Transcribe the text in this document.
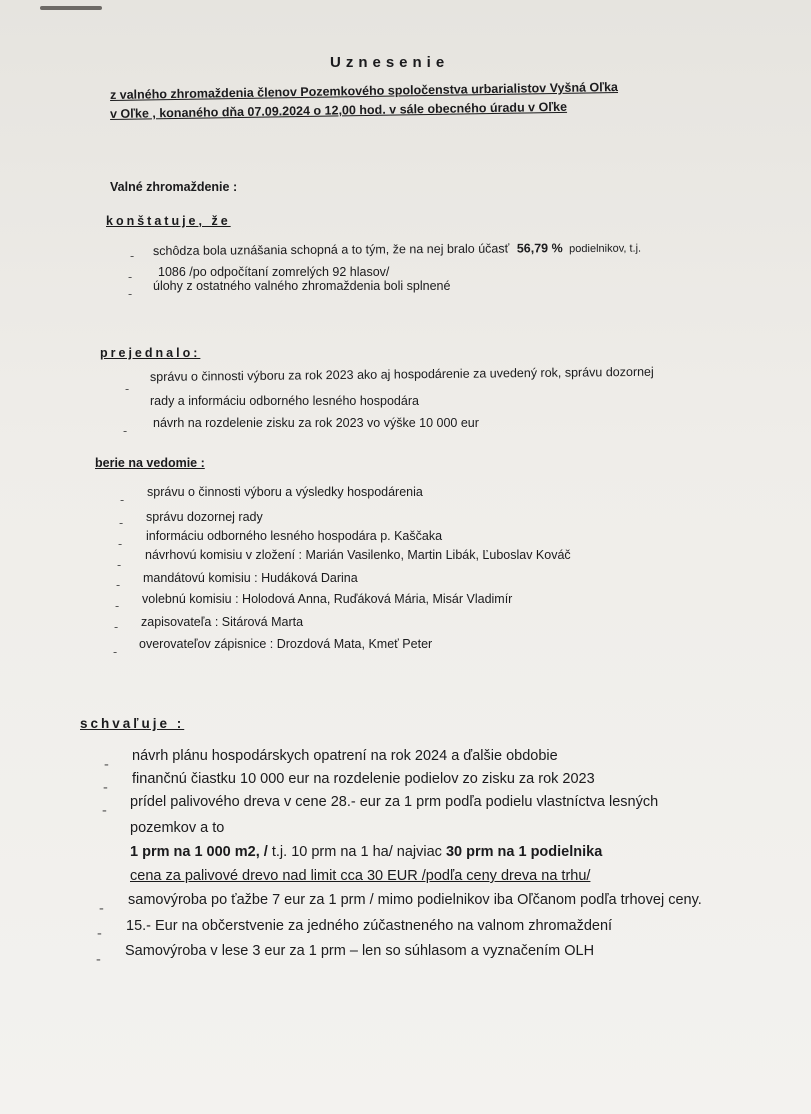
Uznesenie
z valného zhromaždenia členov Pozemkového spoločenstva urbarialistov Vyšná Oľka
v Oľke , konaného dňa 07.09.2024 o 12,00 hod. v sále obecného úradu v Oľke
Valné zhromaždenie :
konštatuje, že
- schôdza bola uznášania schopná a to tým, že na nej bralo účasť 56,79 % podielnikov, t.j.
- 1086 /po odpočítaní zomrelých 92 hlasov/
-
úlohy z ostatného valného zhromaždenia boli splnené
prejednalo:
-
správu o činnosti výboru za rok 2023 ako aj hospodárenie za uvedený rok, správu dozornej
rady a informáciu odborného lesného hospodára
-
návrh na rozdelenie zisku za rok 2023 vo výške 10 000 eur
berie na vedomie :
-
správu o činnosti výboru a výsledky hospodárenia
- správu dozornej rady
-
informáciu odborného lesného hospodára p. Kaščaka
-
návrhovú komisiu v zložení : Marián Vasilenko, Martin Libák, Ľuboslav Kováč
- mandátovú komisiu : Hudáková Darina
- volebnú komisiu : Holodová Anna, Ruďáková Mária, Misár Vladimír
- zapisovateľa : Sitárová Marta
-
overovateľov zápisnice : Drozdová Mata, Kmeť Peter
schvaľuje :
-
návrh plánu hospodárskych opatrení na rok 2024 a ďalšie obdobie
-
finančnú čiastku 10 000 eur na rozdelenie podielov zo zisku za rok 2023
-
prídel palivového dreva v cene 28.- eur za 1 prm podľa podielu vlastníctva lesných
pozemkov a to
1 prm na 1 000 m2, / t.j. 10 prm na 1 ha/ najviac 30 prm na 1 podielnika
cena za palivové drevo nad limit cca 30 EUR /podľa ceny dreva na trhu/
-
samovýroba po ťažbe 7 eur za 1 prm / mimo podielnikov iba Oľčanom podľa trhovej ceny.
- 15.- Eur na občerstvenie za jedného zúčastneného na valnom zhromaždení
-
Samovýroba v lese 3 eur za 1 prm – len so súhlasom a vyznačením OLH
